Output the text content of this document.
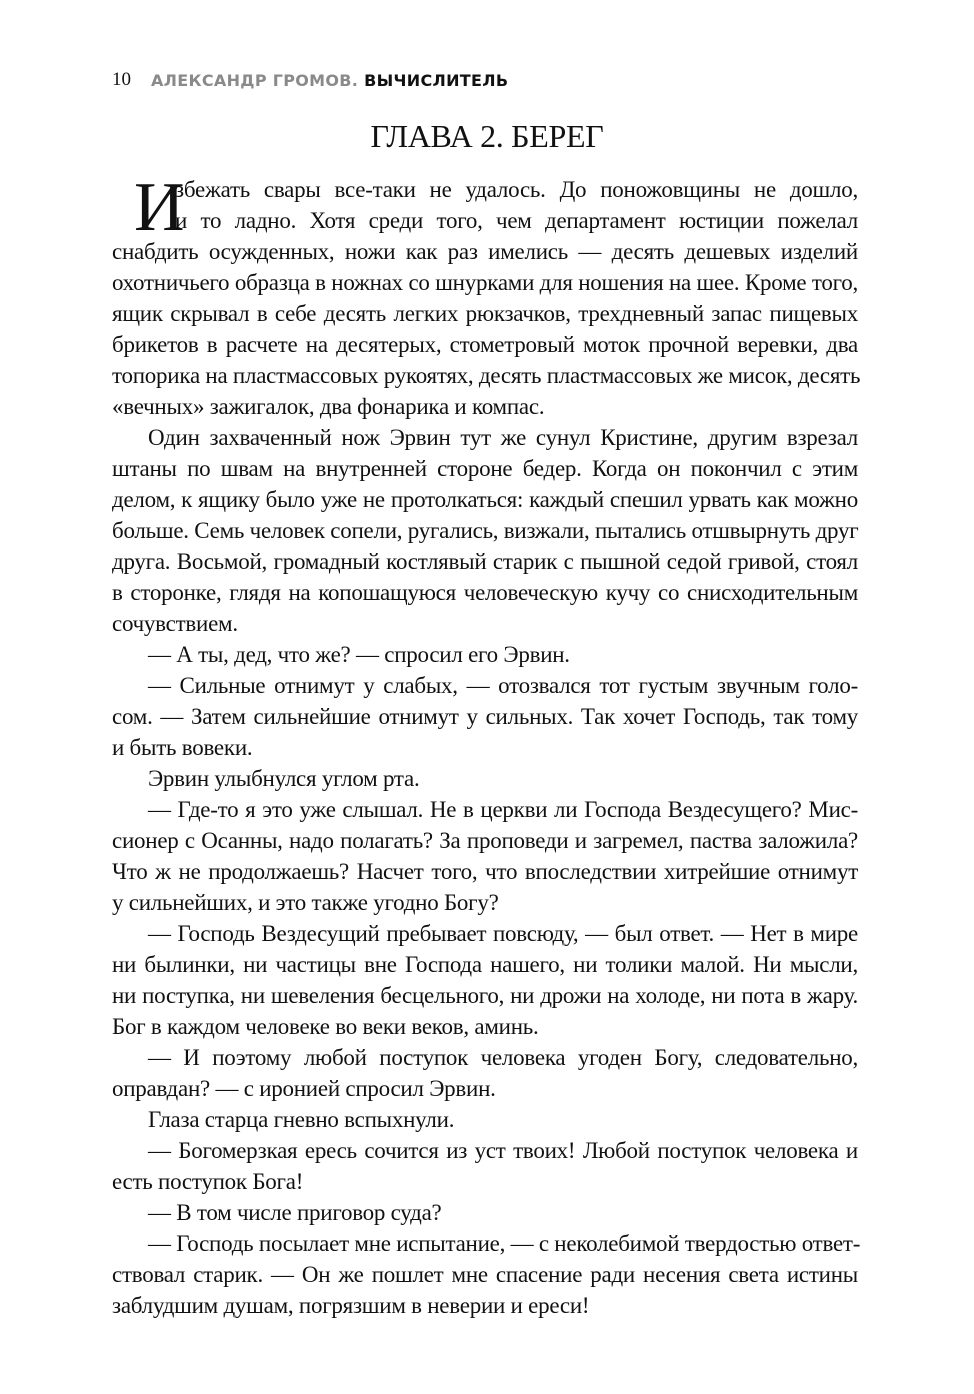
10 АЛЕКСАНДР ГРОМОВ. ВЫЧИСЛИТЕЛЬ
ГЛАВА 2. БЕРЕГ
И
збежать свары все-таки не удалось. До поножовщины не дошло,
и то ладно. Хотя среди того, чем департамент юстиции пожелал
снабдить осужденных, ножи как раз имелись — десять дешевых изделий
охотничьего образца в ножнах со шнурками для ношения на шее. Кроме того,
ящик скрывал в себе десять легких рюкзачков, трехдневный запас пищевых
брикетов в расчете на десятерых, стометровый моток прочной веревки, два
топорика на пластмассовых рукоятях, десять пластмассовых же мисок, десять
«вечных» зажигалок, два фонарика и компас.
Один захваченный нож Эрвин тут же сунул Кристине, другим взрезал
штаны по швам на внутренней стороне бедер. Когда он покончил с этим
делом, к ящику было уже не протолкаться: каждый спешил урвать как можно
больше. Семь человек сопели, ругались, визжали, пытались отшвырнуть друг
друга. Восьмой, громадный костлявый старик с пышной седой гривой, стоял
в сторонке, глядя на копошащуюся человеческую кучу со снисходительным
сочувствием.
— А ты, дед, что же? — спросил его Эрвин.
— Сильные отнимут у слабых, — отозвался тот густым звучным голо-
сом. — Затем сильнейшие отнимут у сильных. Так хочет Господь, так тому
и быть вовеки.
Эрвин улыбнулся углом рта.
— Где-то я это уже слышал. Не в церкви ли Господа Вездесущего? Мис-
сионер с Осанны, надо полагать? За проповеди и загремел, паства заложила?
Что ж не продолжаешь? Насчет того, что впоследствии хитрейшие отнимут
у сильнейших, и это также угодно Богу?
— Господь Вездесущий пребывает повсюду, — был ответ. — Нет в мире
ни былинки, ни частицы вне Господа нашего, ни толики малой. Ни мысли,
ни поступка, ни шевеления бесцельного, ни дрожи на холоде, ни пота в жару.
Бог в каждом человеке во веки веков, аминь.
— И поэтому любой поступок человека угоден Богу, следовательно,
оправдан? — с иронией спросил Эрвин.
Глаза старца гневно вспыхнули.
— Богомерзкая ересь сочится из уст твоих! Любой поступок человека и
есть поступок Бога!
— В том числе приговор суда?
— Господь посылает мне испытание, — с неколебимой твердостью ответ-
ствовал старик. — Он же пошлет мне спасение ради несения света истины
заблудшим душам, погрязшим в неверии и ереси!
